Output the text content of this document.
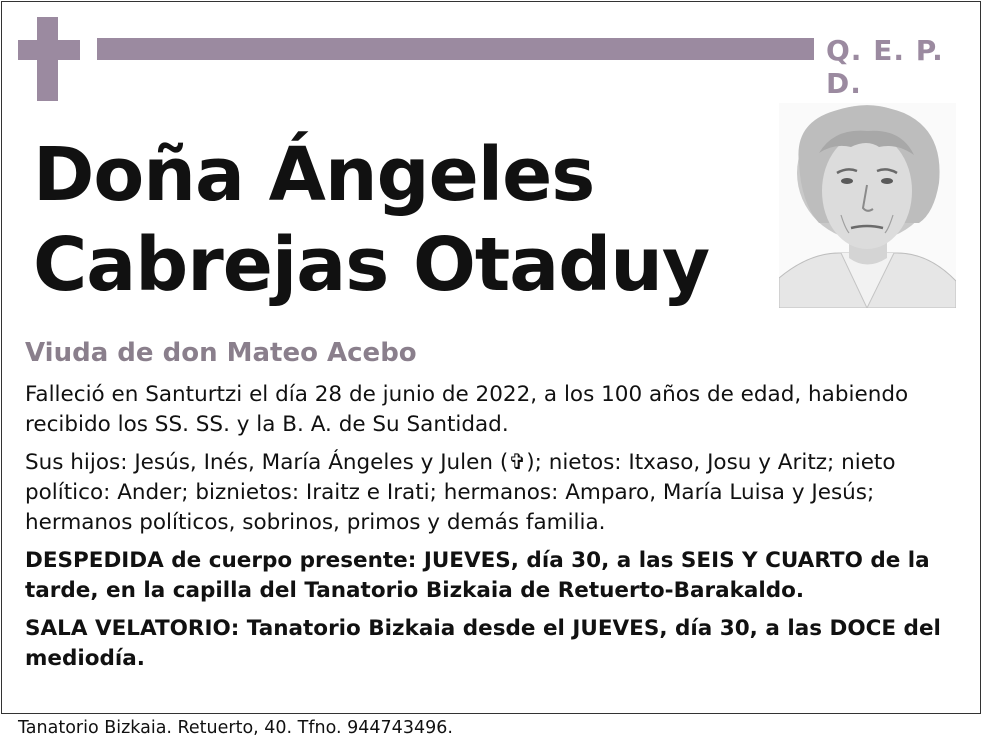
Q. E. P. D.
Doña Ángeles
Cabrejas Otaduy
Viuda de don Mateo Acebo

Falleció en Santurtzi el día 28 de junio de 2022, a los 100 años de edad, habiendo recibido los SS. SS. y la B. A. de Su Santidad.

Sus hijos: Jesús, Inés, María Ángeles y Julen (✞); nietos: Itxaso, Josu y Aritz; nieto político: Ander; biznietos: Iraitz e Irati; hermanos: Amparo, María Luisa y Jesús; hermanos políticos, sobrinos, primos y demás familia.

DESPEDIDA de cuerpo presente: JUEVES, día 30, a las SEIS Y CUARTO de la tarde, en la capilla del Tanatorio Bizkaia de Retuerto-Barakaldo.

SALA VELATORIO: Tanatorio Bizkaia desde el JUEVES, día 30, a las DOCE del mediodía.

Tanatorio Bizkaia. Retuerto, 40. Tfno. 944743496.
